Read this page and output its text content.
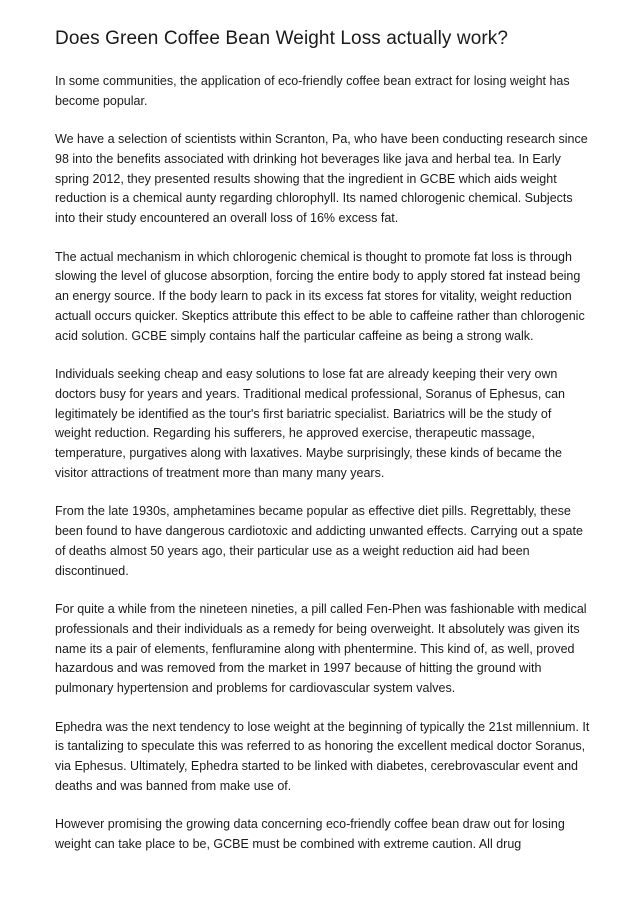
Does Green Coffee Bean Weight Loss actually work?

In some communities, the application of eco-friendly coffee bean extract for losing weight has become popular.

We have a selection of scientists within Scranton, Pa, who have been conducting research since 98 into the benefits associated with drinking hot beverages like java and herbal tea. In Early spring 2012, they presented results showing that the ingredient in GCBE which aids weight reduction is a chemical aunty regarding chlorophyll. Its named chlorogenic chemical. Subjects into their study encountered an overall loss of 16% excess fat.

The actual mechanism in which chlorogenic chemical is thought to promote fat loss is through slowing the level of glucose absorption, forcing the entire body to apply stored fat instead being an energy source. If the body learn to pack in its excess fat stores for vitality, weight reduction actuall occurs quicker. Skeptics attribute this effect to be able to caffeine rather than chlorogenic acid solution. GCBE simply contains half the particular caffeine as being a strong walk.

Individuals seeking cheap and easy solutions to lose fat are already keeping their very own doctors busy for years and years. Traditional medical professional, Soranus of Ephesus, can legitimately be identified as the tour's first bariatric specialist. Bariatrics will be the study of weight reduction. Regarding his sufferers, he approved exercise, therapeutic massage, temperature, purgatives along with laxatives. Maybe surprisingly, these kinds of became the visitor attractions of treatment more than many many years.

From the late 1930s, amphetamines became popular as effective diet pills. Regrettably, these been found to have dangerous cardiotoxic and addicting unwanted effects. Carrying out a spate of deaths almost 50 years ago, their particular use as a weight reduction aid had been discontinued.

For quite a while from the nineteen nineties, a pill called Fen-Phen was fashionable with medical professionals and their individuals as a remedy for being overweight. It absolutely was given its name its a pair of elements, fenfluramine along with phentermine. This kind of, as well, proved hazardous and was removed from the market in 1997 because of hitting the ground with pulmonary hypertension and problems for cardiovascular system valves.

Ephedra was the next tendency to lose weight at the beginning of typically the 21st millennium. It is tantalizing to speculate this was referred to as honoring the excellent medical doctor Soranus, via Ephesus. Ultimately, Ephedra started to be linked with diabetes, cerebrovascular event and deaths and was banned from make use of.

However promising the growing data concerning eco-friendly coffee bean draw out for losing weight can take place to be, GCBE must be combined with extreme caution. All drug
